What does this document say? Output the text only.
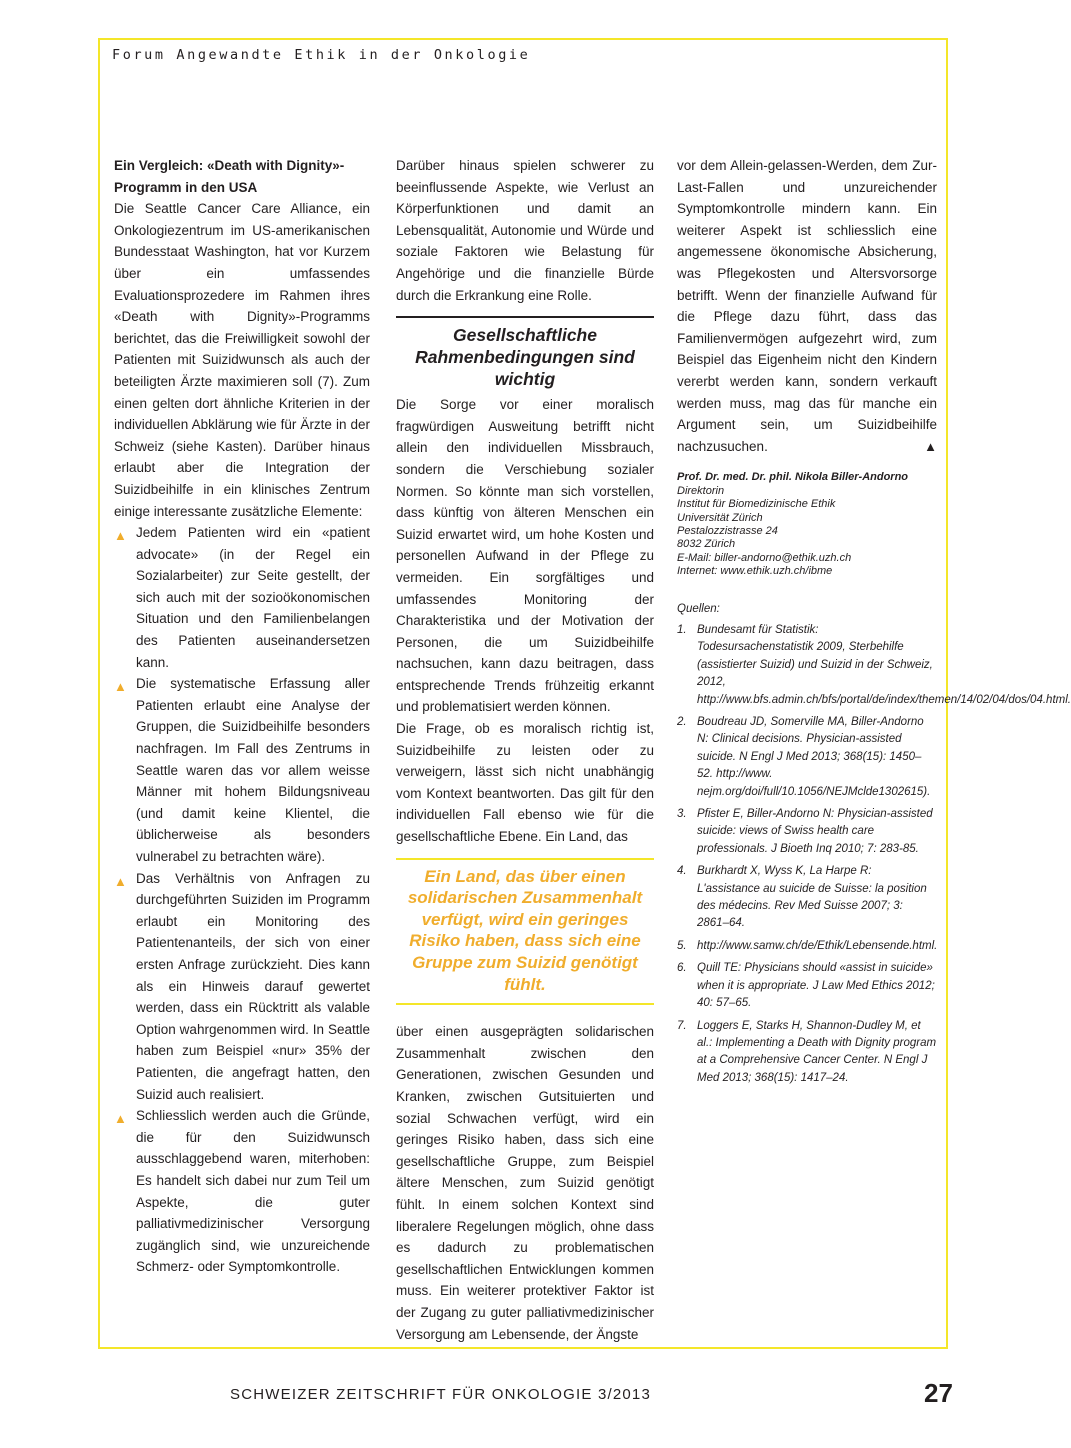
Forum Angewandte Ethik in der Onkologie

Ein Vergleich: «Death with Dignity»-Programm in den USA

Die Seattle Cancer Care Alliance, ein Onkologiezentrum im US-amerikanischen Bundesstaat Washington, hat vor Kurzem über ein umfassendes Evaluationsprozedere im Rahmen ihres «Death with Dignity»-Programms berichtet, das die Freiwilligkeit sowohl der Patienten mit Suizidwunsch als auch der beteiligten Ärzte maximieren soll (7). Zum einen gelten dort ähnliche Kriterien in der individuellen Abklärung wie für Ärzte in der Schweiz (siehe Kasten). Darüber hinaus erlaubt aber die Integration der Suizidbeihilfe in ein klinisches Zentrum einige interessante zusätzliche Elemente:

▲ Jedem Patienten wird ein «patient advocate» (in der Regel ein Sozialarbeiter) zur Seite gestellt, der sich auch mit der sozioökonomischen Situation und den Familienbelangen des Patienten auseinandersetzen kann.
▲ Die systematische Erfassung aller Patienten erlaubt eine Analyse der Gruppen, die Suizidbeihilfe besonders nachfragen. Im Fall des Zentrums in Seattle waren das vor allem weisse Männer mit hohem Bildungsniveau (und damit keine Klientel, die üblicherweise als besonders vulnerabel zu betrachten wäre).
▲ Das Verhältnis von Anfragen zu durchgeführten Suiziden im Programm erlaubt ein Monitoring des Patientenanteils, der sich von einer ersten Anfrage zurückzieht. Dies kann als ein Hinweis darauf gewertet werden, dass ein Rücktritt als valable Option wahrgenommen wird. In Seattle haben zum Beispiel «nur» 35% der Patienten, die angefragt hatten, den Suizid auch realisiert.
▲ Schliesslich werden auch die Gründe, die für den Suizidwunsch ausschlaggebend waren, miterhoben: Es handelt sich dabei nur zum Teil um Aspekte, die guter palliativmedizinischer Versorgung zugänglich sind, wie unzureichende Schmerz- oder Symptomkontrolle.

Darüber hinaus spielen schwerer zu beeinflussende Aspekte, wie Verlust an Körperfunktionen und damit an Lebensqualität, Autonomie und Würde und soziale Faktoren wie Belastung für Angehörige und die finanzielle Bürde durch die Erkrankung eine Rolle.

Gesellschaftliche Rahmenbedingungen sind wichtig

Die Sorge vor einer moralisch fragwürdigen Ausweitung betrifft nicht allein den individuellen Missbrauch, sondern die Verschiebung sozialer Normen. So könnte man sich vorstellen, dass künftig von älteren Menschen ein Suizid erwartet wird, um hohe Kosten und personellen Aufwand in der Pflege zu vermeiden. Ein sorgfältiges und umfassendes Monitoring der Charakteristika und der Motivation der Personen, die um Suizidbeihilfe nachsuchen, kann dazu beitragen, dass entsprechende Trends frühzeitig erkannt und problematisiert werden können.

Die Frage, ob es moralisch richtig ist, Suizidbeihilfe zu leisten oder zu verweigern, lässt sich nicht unabhängig vom Kontext beantworten. Das gilt für den individuellen Fall ebenso wie für die gesellschaftliche Ebene. Ein Land, das

Ein Land, das über einen solidarischen Zusammenhalt verfügt, wird ein geringes Risiko haben, dass sich eine Gruppe zum Suizid genötigt fühlt.

über einen ausgeprägten solidarischen Zusammenhalt zwischen den Generationen, zwischen Gesunden und Kranken, zwischen Gutsituierten und sozial Schwachen verfügt, wird ein geringes Risiko haben, dass sich eine gesellschaftliche Gruppe, zum Beispiel ältere Menschen, zum Suizid genötigt fühlt. In einem solchen Kontext sind liberalere Regelungen möglich, ohne dass es dadurch zu problematischen gesellschaftlichen Entwicklungen kommen muss. Ein weiterer protektiver Faktor ist der Zugang zu guter palliativmedizinischer Versorgung am Lebensende, der Ängste

vor dem Allein-gelassen-Werden, dem Zur-Last-Fallen und unzureichender Symptomkontrolle mindern kann. Ein weiterer Aspekt ist schliesslich eine angemessene ökonomische Absicherung, was Pflegekosten und Altersvorsorge betrifft. Wenn der finanzielle Aufwand für die Pflege dazu führt, dass das Familienvermögen aufgezehrt wird, zum Beispiel das Eigenheim nicht den Kindern vererbt werden kann, sondern verkauft werden muss, mag das für manche ein Argument sein, um Suizidbeihilfe nachzusuchen.	▲

Prof. Dr. med. Dr. phil. Nikola Biller-Andorno
Direktorin
Institut für Biomedizinische Ethik
Universität Zürich
Pestalozzistrasse 24
8032 Zürich
E-Mail: biller-andorno@ethik.uzh.ch
Internet: www.ethik.uzh.ch/ibme
Quellen:
1. Bundesamt für Statistik: Todesursachenstatistik 2009, Sterbehilfe (assistierter Suizid) und Suizid in der Schweiz, 2012, http://www.bfs.admin.ch/bfs/portal/de/index/themen/14/02/04/dos/04.html.
2. Boudreau JD, Somerville MA, Biller-Andorno N: Clinical decisions. Physician-assisted suicide. N Engl J Med 2013; 368(15): 1450–52. http://www. nejm.org/doi/full/10.1056/NEJMclde1302615).
3. Pfister E, Biller-Andorno N: Physician-assisted suicide: views of Swiss health care professionals. J Bioeth Inq 2010; 7: 283-85.
4. Burkhardt X, Wyss K, La Harpe R: L'assistance au suicide de Suisse: la position des médecins. Rev Med Suisse 2007; 3: 2861–64.
5. http://www.samw.ch/de/Ethik/Lebensende.html.
6. Quill TE: Physicians should «assist in suicide» when it is appropriate. J Law Med Ethics 2012; 40: 57–65.
7. Loggers E, Starks H, Shannon-Dudley M, et al.: Implementing a Death with Dignity program at a Comprehensive Cancer Center. N Engl J Med 2013; 368(15): 1417–24.
SCHWEIZER ZEITSCHRIFT FÜR ONKOLOGIE 3/2013	27
